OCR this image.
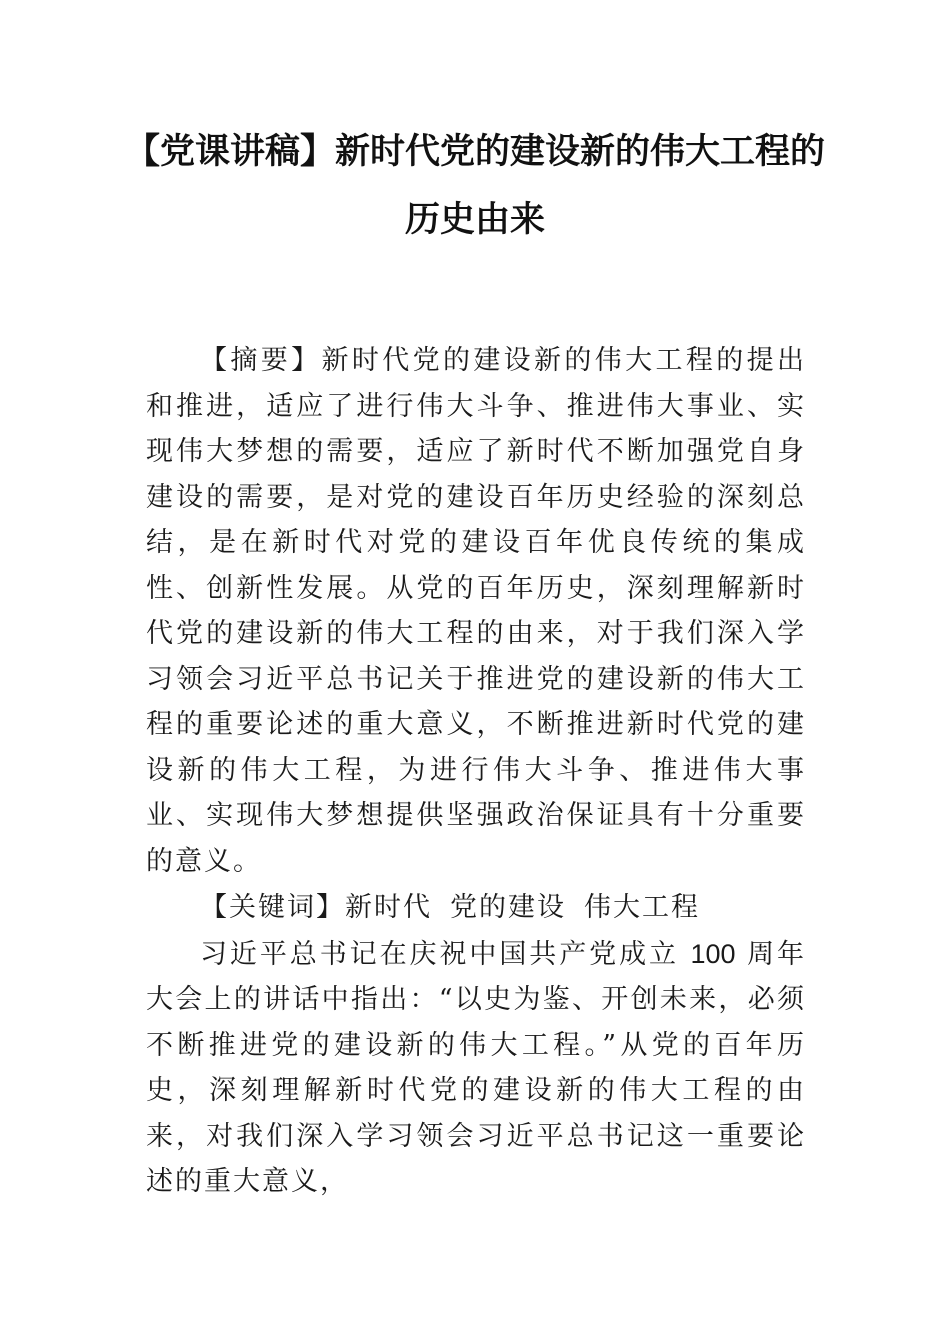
【党课讲稿】新时代党的建设新的伟大工程的
历史由来

【摘要】新时代党的建设新的伟大工程的提出和推进，适应了进行伟大斗争、推进伟大事业、实现伟大梦想的需要，适应了新时代不断加强党自身建设的需要，是对党的建设百年历史经验的深刻总结，是在新时代对党的建设百年优良传统的集成性、创新性发展。从党的百年历史，深刻理解新时代党的建设新的伟大工程的由来，对于我们深入学习领会习近平总书记关于推进党的建设新的伟大工程的重要论述的重大意义，不断推进新时代党的建设新的伟大工程，为进行伟大斗争、推进伟大事业、实现伟大梦想提供坚强政治保证具有十分重要的意义。

【关键词】新时代 党的建设 伟大工程

习近平总书记在庆祝中国共产党成立 100 周年大会上的讲话中指出：“以史为鉴、开创未来，必须不断推进党的建设新的伟大工程。”从党的百年历史，深刻理解新时代党的建设新的伟大工程的由来，对我们深入学习领会习近平总书记这一重要论述的重大意义，
